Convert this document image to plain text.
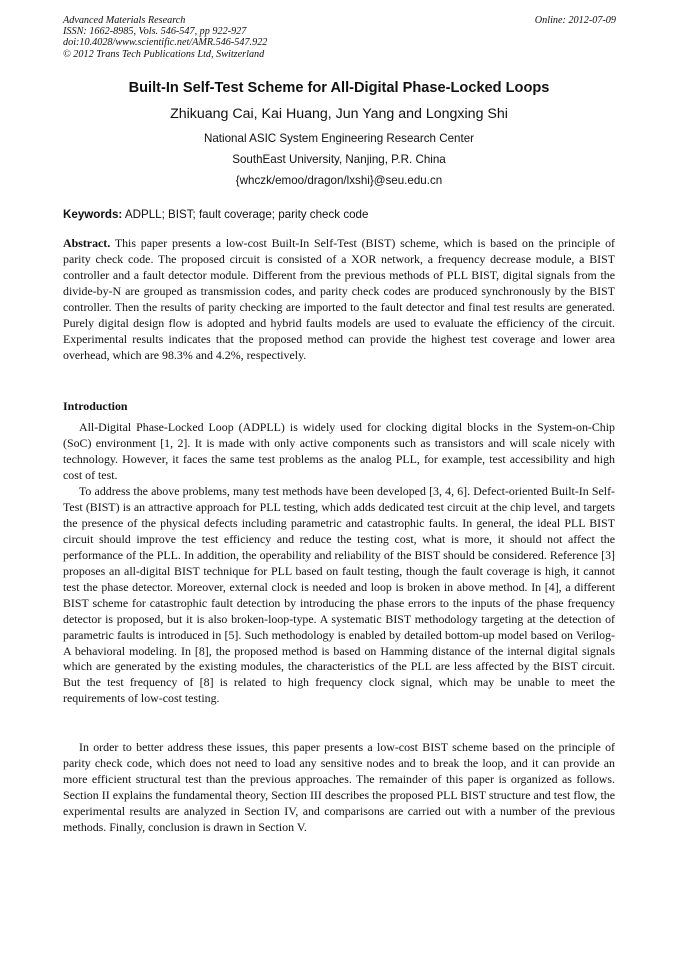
Advanced Materials Research
ISSN: 1662-8985, Vols. 546-547, pp 922-927
doi:10.4028/www.scientific.net/AMR.546-547.922
© 2012 Trans Tech Publications Ltd, Switzerland
Online: 2012-07-09
Built-In Self-Test Scheme for All-Digital Phase-Locked Loops
Zhikuang Cai, Kai Huang, Jun Yang and Longxing Shi
National ASIC System Engineering Research Center
SouthEast University, Nanjing, P.R. China
{whczk/emoo/dragon/lxshi}@seu.edu.cn
Keywords: ADPLL; BIST; fault coverage; parity check code
Abstract. This paper presents a low-cost Built-In Self-Test (BIST) scheme, which is based on the principle of parity check code. The proposed circuit is consisted of a XOR network, a frequency decrease module, a BIST controller and a fault detector module. Different from the previous methods of PLL BIST, digital signals from the divide-by-N are grouped as transmission codes, and parity check codes are produced synchronously by the BIST controller. Then the results of parity checking are imported to the fault detector and final test results are generated. Purely digital design flow is adopted and hybrid faults models are used to evaluate the efficiency of the circuit. Experimental results indicates that the proposed method can provide the highest test coverage and lower area overhead, which are 98.3% and 4.2%, respectively.
Introduction
All-Digital Phase-Locked Loop (ADPLL) is widely used for clocking digital blocks in the System-on-Chip (SoC) environment [1, 2]. It is made with only active components such as transistors and will scale nicely with technology. However, it faces the same test problems as the analog PLL, for example, test accessibility and high cost of test.
To address the above problems, many test methods have been developed [3, 4, 6]. Defect-oriented Built-In Self-Test (BIST) is an attractive approach for PLL testing, which adds dedicated test circuit at the chip level, and targets the presence of the physical defects including parametric and catastrophic faults. In general, the ideal PLL BIST circuit should improve the test efficiency and reduce the testing cost, what is more, it should not affect the performance of the PLL. In addition, the operability and reliability of the BIST should be considered. Reference [3] proposes an all-digital BIST technique for PLL based on fault testing, though the fault coverage is high, it cannot test the phase detector. Moreover, external clock is needed and loop is broken in above method. In [4], a different BIST scheme for catastrophic fault detection by introducing the phase errors to the inputs of the phase frequency detector is proposed, but it is also broken-loop-type. A systematic BIST methodology targeting at the detection of parametric faults is introduced in [5]. Such methodology is enabled by detailed bottom-up model based on Verilog-A behavioral modeling. In [8], the proposed method is based on Hamming distance of the internal digital signals which are generated by the existing modules, the characteristics of the PLL are less affected by the BIST circuit. But the test frequency of [8] is related to high frequency clock signal, which may be unable to meet the requirements of low-cost testing.
In order to better address these issues, this paper presents a low-cost BIST scheme based on the principle of parity check code, which does not need to load any sensitive nodes and to break the loop, and it can provide an more efficient structural test than the previous approaches. The remainder of this paper is organized as follows. Section II explains the fundamental theory, Section III describes the proposed PLL BIST structure and test flow, the experimental results are analyzed in Section IV, and comparisons are carried out with a number of the previous methods. Finally, conclusion is drawn in Section V.
